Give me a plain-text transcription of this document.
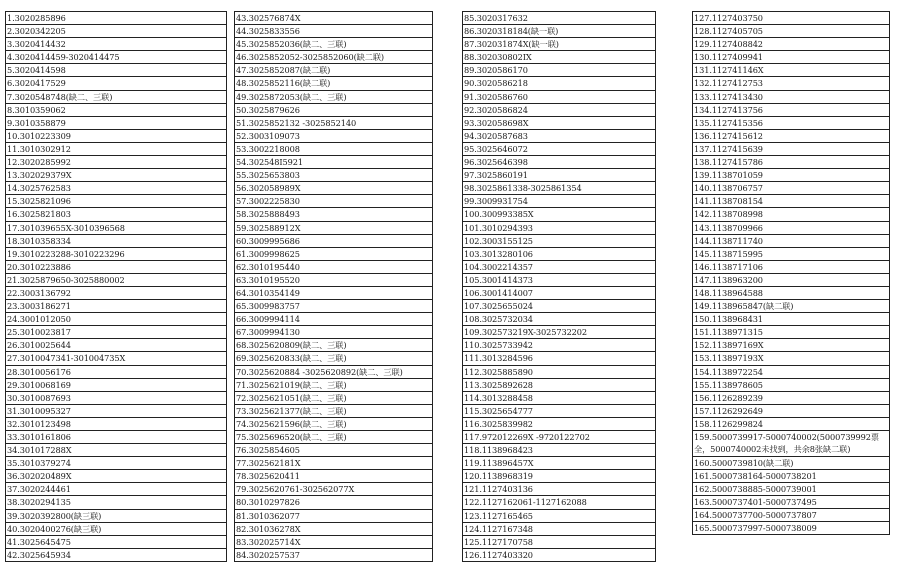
1.3020285896
2.3020342205
3.3020414432
4.3020414459-3020414475
5.3020414598
6.3020417529
7.3020548748(缺二、三联)
8.3010359062
9.3010358879
10.3010223309
11.3010302912
12.3020285992
13.302029379X
14.3025762583
15.3025821096
16.3025821803
17.301039655X-3010396568
18.3010358334
19.3010223288-3010223296
20.3010223886
21.3025879650-3025880002
22.3003136792
23.3003186271
24.3001012050
25.3010023817
26.3010025644
27.3010047341-301004735X
28.3010056176
29.3010068169
30.3010087693
31.3010095327
32.3010123498
33.3010161806
34.301017288X
35.3010379274
36.302020489X
37.3020244461
38.3020294135
39.3020392800(缺三联)
40.3020400276(缺三联)
41.3025645475
42.3025645934
43.302576874X
44.3025833556
45.3025852036(缺二、三联)
46.3025852052-3025852060(缺二联)
47.3025852087(缺二联)
48.3025852116(缺二联)
49.3025872053(缺二、三联)
50.3025879626
51.3025852132 -3025852140
52.3003109073
53.3002218008
54.302548I5921
55.3025653803
56.302058989X
57.3002225830
58.3025888493
59.302588912X
60.3009995686
61.3009998625
62.3010195440
63.3010195520
64.3010354149
65.3009983757
66.3009994114
67.3009994130
68.3025620809(缺二、三联)
69.3025620833(缺二、三联)
70.3025620884 -3025620892(缺二、三联)
71.3025621019(缺二、三联)
72.3025621051(缺二、三联)
73.3025621377(缺二、三联)
74.3025621596(缺二、三联)
75.3025696520(缺二、三联)
76.3025854605
77.302562181X
78.3025620411
79.3025620761-302562077X
80.3010297826
81.3010362077
82.301036278X
83.302025714X
84.3020257537
85.3020317632
86.3020318184(缺一联)
87.302031874X(缺一联)
88.302030802IX
89.3020586170
90.3020586218
91.3020586760
92.3020586824
93.302058698X
94.3020587683
95.3025646072
96.3025646398
97.3025860191
98.3025861338-3025861354
99.3009931754
100.300993385X
101.3010294393
102.3003155125
103.3013280106
104.3002214357
105.3001414373
106.3001414007
107.3025655024
108.3025732034
109.302573219X-3025732202
110.3025733942
111.3013284596
112.3025885890
113.3025892628
114.3013288458
115.3025654777
116.3025839982
117.972012269X -9720122702
118.1138968423
119.113896457X
120.1138968319
121.1127403136
122.1127162061-1127162088
123.1127165465
124.1127167348
125.1127170758
126.1127403320
127.1127403750
128.1127405705
129.1127408842
130.1127409941
131.112741146X
132.1127412753
133.1127413430
134.1127413756
135.1127415356
136.1127415612
137.1127415639
138.1127415786
139.1138701059
140.1138706757
141.1138708154
142.1138708998
143.1138709966
144.1138711740
145.1138715995
146.1138717106
147.1138963200
148.1138964588
149.1138965847(缺二联)
150.1138968431
151.1138971315
152.113897169X
153.113897193X
154.1138972254
155.1138978605
156.1126289239
157.1126292649
158.1126299824
159.5000739917-5000740002(5000739992票全，5000740002未找到，共余8张缺二联)
160.5000739810(缺二联)
161.5000738164-5000738201
162.5000738885-5000739001
163.5000737401-5000737495
164.5000737700-5000737807
165.5000737997-5000738009
